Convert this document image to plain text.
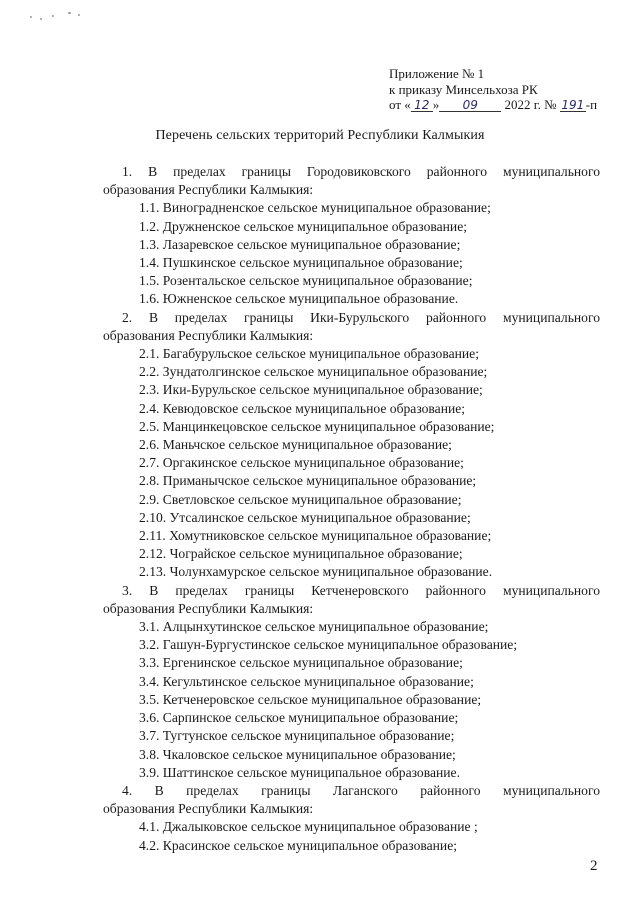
Приложение № 1
к приказу Минсельхоза РК
от « 12 » 09 2022 г. № 191 -п
Перечень сельских территорий Республики Калмыкия

1. В пределах границы Городовиковского районного муниципального
образования Республики Калмыкия:

1.1. Виноградненское сельское муниципальное образование;

1.2. Дружненское сельское муниципальное образование;

1.3. Лазаревское сельское муниципальное образование;

1.4. Пушкинское сельское муниципальное образование;

1.5. Розентальское сельское муниципальное образование;

1.6. Южненское сельское муниципальное образование.

2. В пределах границы Ики-Бурульского районного муниципального
образования Республики Калмыкия:

2.1. Багабурульское сельское муниципальное образование;

2.2. Зундатолгинское сельское муниципальное образование;

2.3. Ики-Бурульское сельское муниципальное образование;

2.4. Кевюдовское сельское муниципальное образование;

2.5. Манцинкецовское сельское муниципальное образование;

2.6. Маньчское сельское муниципальное образование;

2.7. Оргакинское сельское муниципальное образование;

2.8. Приманычское сельское муниципальное образование;

2.9. Светловское сельское муниципальное образование;

2.10. Утсалинское сельское муниципальное образование;

2.11. Хомутниковское сельское муниципальное образование;

2.12. Чограйское сельское муниципальное образование;

2.13. Чолунхамурское сельское муниципальное образование.

3. В пределах границы Кетченеровского районного муниципального
образования Республики Калмыкия:

3.1. Алцынхутинское сельское муниципальное образование;

3.2. Гашун-Бургустинское сельское муниципальное образование;

3.3. Ергенинское сельское муниципальное образование;

3.4. Кегультинское сельское муниципальное образование;

3.5. Кетченеровское сельское муниципальное образование;

3.6. Сарпинское сельское муниципальное образование;

3.7. Тугтунское сельское муниципальное образование;

3.8. Чкаловское сельское муниципальное образование;

3.9. Шаттинское сельское муниципальное образование.

4. В пределах границы Лаганского районного муниципального
образования Республики Калмыкия:

4.1. Джалыковское сельское муниципальное образование ;

4.2. Красинское сельское муниципальное образование;

2
